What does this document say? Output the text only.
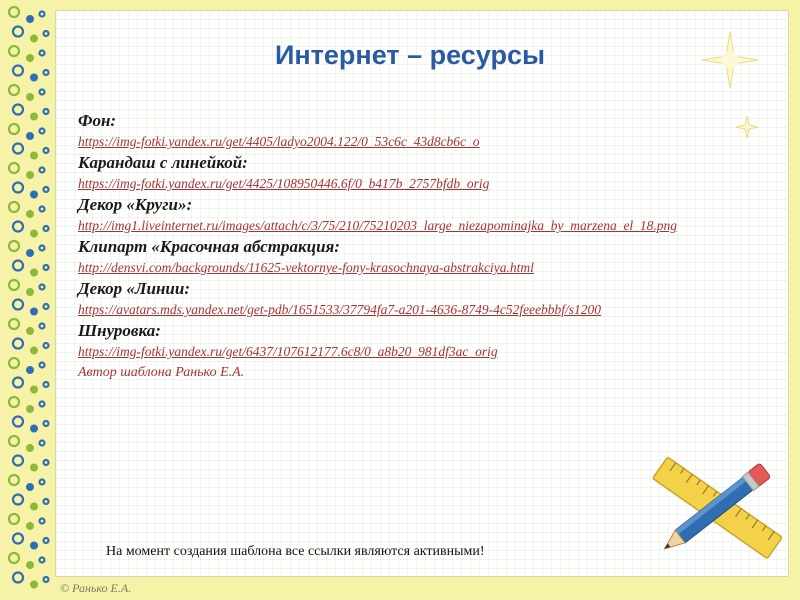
Интернет – ресурсы
Фон:
https://img-fotki.yandex.ru/get/4405/ladyo2004.122/0_53c6c_43d8cb6c_o
Карандаш с линейкой:
https://img-fotki.yandex.ru/get/4425/108950446.6f/0_b417b_2757bfdb_orig
Декор «Круги»:
http://img1.liveinternet.ru/images/attach/c/3/75/210/75210203_large_niezapominajka_by_marzena_el_18.png
Клипарт «Красочная абстракция:
http://densvi.com/backgrounds/11625-vektornye-fony-krasochnaya-abstrakciya.html
Декор «Линии:
https://avatars.mds.yandex.net/get-pdb/1651533/37794fa7-a201-4636-8749-4c52feeebbbf/s1200
Шнуровка:
https://img-fotki.yandex.ru/get/6437/107612177.6c8/0_a8b20_981df3ac_orig
Автор шаблона Ранько Е.А.
На момент создания шаблона все ссылки являются активными!
© Ранько Е.А.
